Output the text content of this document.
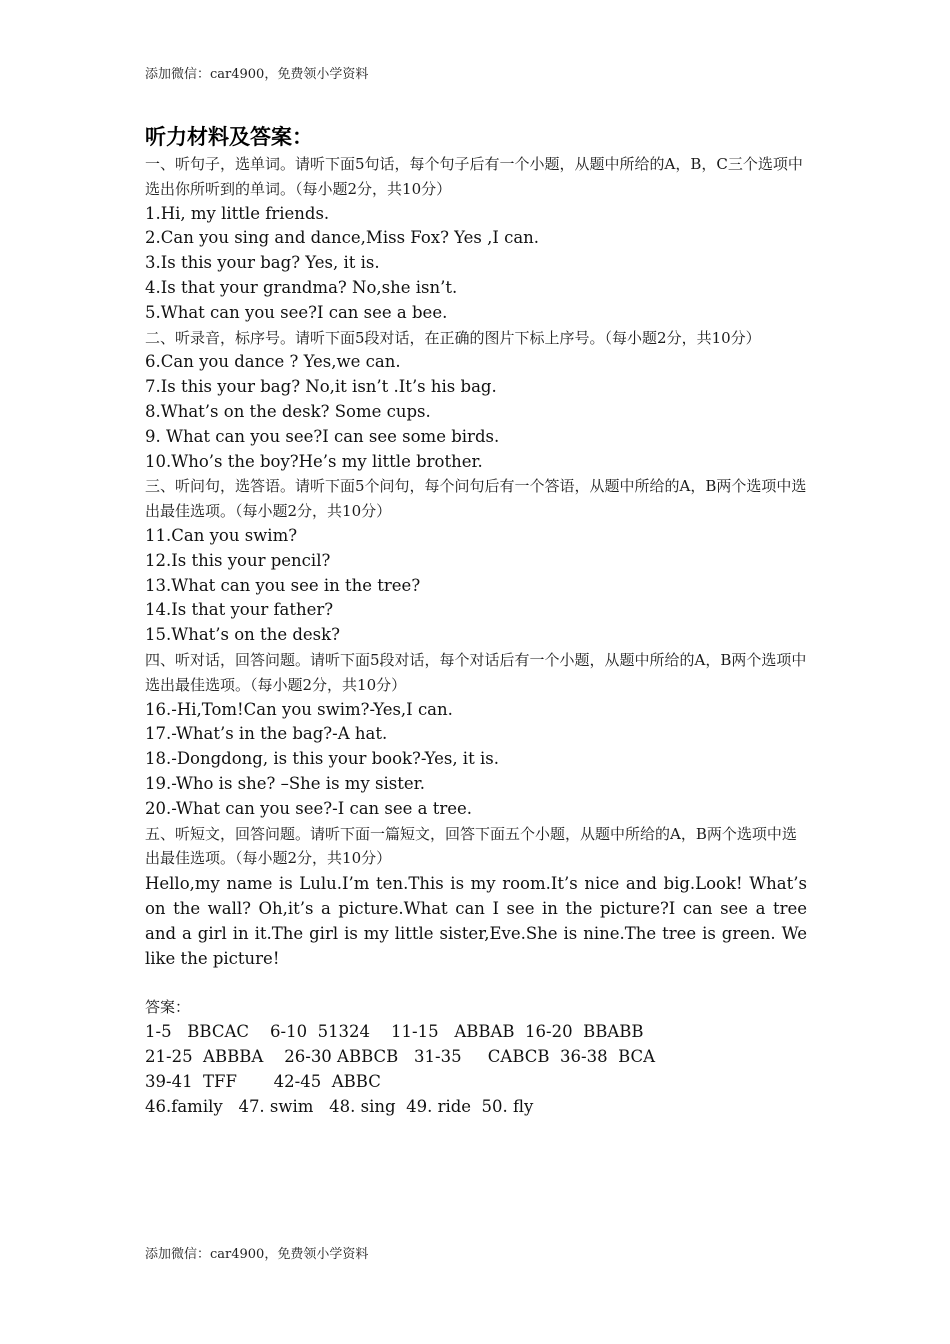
添加微信：car4900，免费领小学资料
听力材料及答案：

一、听句子，选单词。请听下面5句话，每个句子后有一个小题，从题中所给的A，B，C三个选项中选出你所听到的单词。（每小题2分，共10分）

1.Hi, my little friends.

2.Can you sing and dance,Miss Fox? Yes ,I can.

3.Is this your bag? Yes, it is.

4.Is that your grandma? No,she isn’t.

5.What can you see?I can see a bee.

二、听录音，标序号。请听下面5段对话，在正确的图片下标上序号。（每小题2分，共10分）

6.Can you dance ? Yes,we can.

7.Is this your bag? No,it isn’t .It’s his bag.

8.What’s on the desk? Some cups.

9. What can you see?I can see some birds.

10.Who’s the boy?He’s my little brother.

三、听问句，选答语。请听下面5个问句，每个问句后有一个答语，从题中所给的A，B两个选项中选出最佳选项。（每小题2分，共10分）

11.Can you swim?

12.Is this your pencil?

13.What can you see in the tree?

14.Is that your father?

15.What’s on the desk?

四、听对话，回答问题。请听下面5段对话，每个对话后有一个小题，从题中所给的A，B两个选项中选出最佳选项。（每小题2分，共10分）

16.-Hi,Tom!Can you swim?-Yes,I can.

17.-What’s in the bag?-A hat.

18.-Dongdong, is this your book?-Yes, it is.

19.-Who is she? –She is my sister.

20.-What can you see?-I can see a tree.

五、听短文，回答问题。请听下面一篇短文，回答下面五个小题，从题中所给的A，B两个选项中选出最佳选项。（每小题2分，共10分）

Hello,my name is Lulu.I’m ten.This is my room.It’s nice and big.Look! What’s on the wall? Oh,it’s a picture.What can I see in the picture?I can see a tree and a girl in it.The girl is my little sister,Eve.She is nine.The tree is green. We like the picture!

答案：

1-5   BBCAC    6-10  51324    11-15   ABBAB  16-20  BBABB

21-25  ABBBA    26-30 ABBCB   31-35     CABCB  36-38  BCA

39-41  TFF       42-45  ABBC

46.family   47. swim   48. sing  49. ride  50. fly

添加微信：car4900，免费领小学资料
